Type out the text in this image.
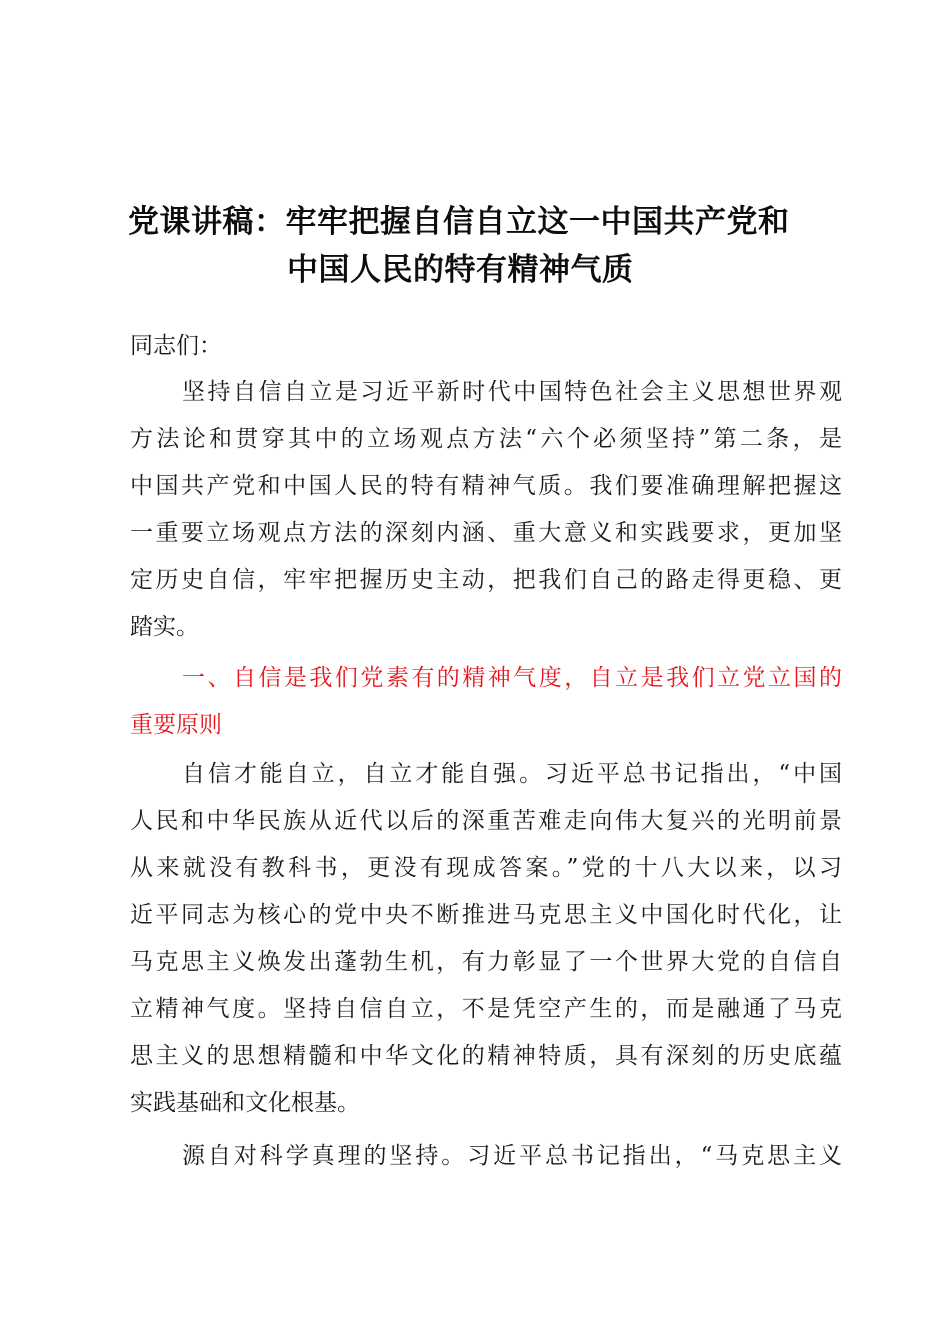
党课讲稿：牢牢把握自信自立这一中国共产党和
中国人民的特有精神气质
同志们：
坚持自信自立是习近平新时代中国特色社会主义思想世界观
方法论和贯穿其中的立场观点方法“六个必须坚持”第二条，是
中国共产党和中国人民的特有精神气质。我们要准确理解把握这
一重要立场观点方法的深刻内涵、重大意义和实践要求，更加坚
定历史自信，牢牢把握历史主动，把我们自己的路走得更稳、更
踏实。
一、自信是我们党素有的精神气度，自立是我们立党立国的
重要原则
自信才能自立，自立才能自强。习近平总书记指出，“中国
人民和中华民族从近代以后的深重苦难走向伟大复兴的光明前景
从来就没有教科书，更没有现成答案。”党的十八大以来，以习
近平同志为核心的党中央不断推进马克思主义中国化时代化，让
马克思主义焕发出蓬勃生机，有力彰显了一个世界大党的自信自
立精神气度。坚持自信自立，不是凭空产生的，而是融通了马克
思主义的思想精髓和中华文化的精神特质，具有深刻的历史底蕴
实践基础和文化根基。
源自对科学真理的坚持。习近平总书记指出，“马克思主义
